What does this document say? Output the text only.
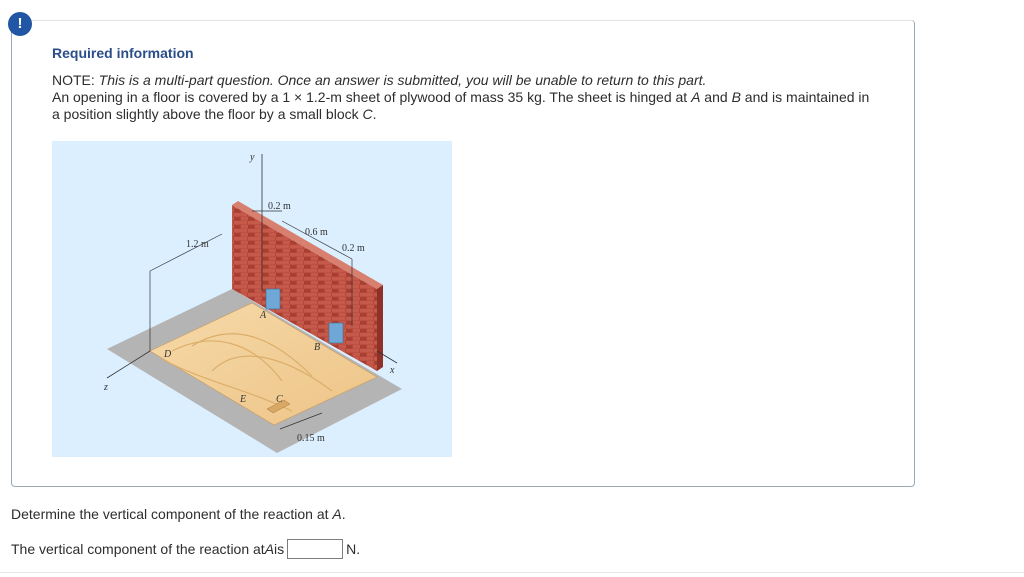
!
Required information
NOTE: This is a multi-part question. Once an answer is submitted, you will be unable to return to this part.
An opening in a floor is covered by a 1 × 1.2-m sheet of plywood of mass 35 kg. The sheet is hinged at A and B and is maintained in a position slightly above the floor by a small block C.
y
x
z
A
B
C
D
E
1.2 m
0.2 m
0.6 m
0.2 m
0.15 m
Determine the vertical component of the reaction at A.
The vertical component of the reaction at A is	N.
